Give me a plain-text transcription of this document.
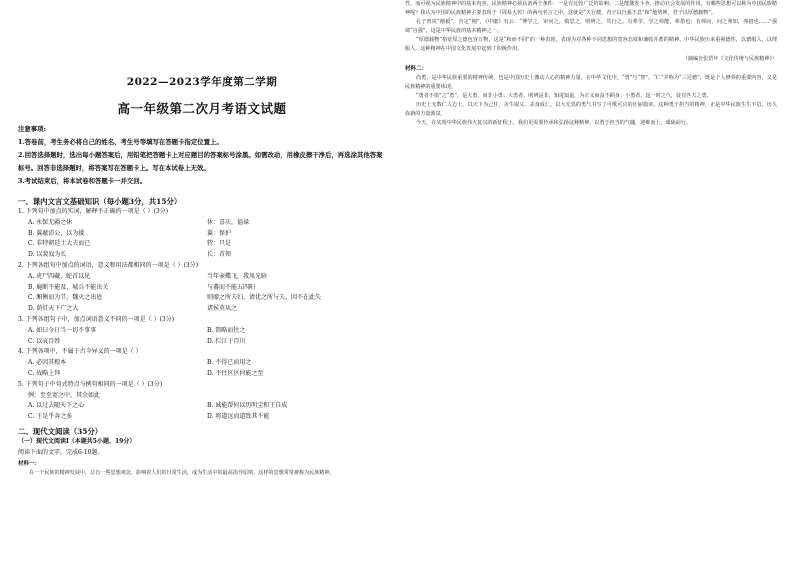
2022—2023学年度第二学期
高一年级第二次月考语文试题
注意事项:
1.答卷前，考生务必将自己的姓名、考生号等填写在答题卡指定位置上。
2.回答选择题时，选出每小题答案后，用铅笔把答题卡上对应题目的答案标号涂黑。如需改动，用橡皮擦干净后，再选涂其他答案标号。回答非选择题时，将答案写在答题卡上。写在本试卷上无效。
3.考试结束后，将本试卷和答题卡一并交回。
一、课内文言文基础知识（每小题3分，共15分）
1. 下列句中加点的实词，解释不正确的一项是（ ）(3分)
A. 永保无疆之休	休：喜庆，福禄
B. 翼蔽沛公，以为援	翼：保护
C. 非特朝廷士大夫而已	特：只是
D. 以裴寂为长	长：首领
2. 下列各组句中加点的词语，意义和用法都相同的一项是（ ）(3分)
A. 虎尸四藏，蛇首以见	当年壶蝶飞，我凤光暗
B. 鹿断不能及，城兵不能出关	与蕃而不能五四阳
C. 厢衡而为节，魏灭之出恩	则廖之所夫妇，请优之所与夫，因不在此失
D. 荫灯天下广之大	诸侯莫从之
3. 下列各组句子中，加点词语意义不同的一项是（ ）(3分)
A. 如曰今日当一切不事事	B. 简略而往之
C. 以哀百姓	D. 拦江于百川
4. 下列各项中，不属于古今异义的一项是（ ）
A. 必因其根本	B. 不得已而用之
C. 故略上拜	D. 不往区区何能之至
5. 下列句子中句式特点与例句相同的一项是（ ）(3分)
例：至至宽之中，其余如此
A. 以过去随天下之心	B. 诚能帮何以历明尘和王自成
C. 于是乎奔之多	D. 将道远而道致其不能
二、现代文阅读（35分）
（一）现代文阅读Ⅰ（本题共5小题，19分）
阅读下面的文字，完成6-10题。
材料一：
在一个民族的精神发展中，总有一些思想观念，影响着人们的日常生活，成为生活中的最高指导原则。这样的思想常常被称为民族精神。
性，而可视为民族精神中的基本内容。民族精神必须具备两个条件：一是有比较广泛的影响；二是能激发斗争、推动社会发展的作用。有哪些思想可以称为中国民族精神呢？我认为中国的民族精神主要表现于《周易大传》的两句名言之中，这就是“天行健，君子以自强不息”和“地势坤，君子以厚德载物”。
孔子曾说“刚毅”，肯定“刚”，《中庸》有云：“博学之，审问之，慎思之，明辨之，笃行之。有弗学，学之弗能，弗措也；有弗问，问之弗知，弗措也……”强调“自强”，这是中华民族的基本精神之一。
“厚德载物”指宽厚之德包容万物，这是“和而不同”的一种表现，表现为对各种不同思想的宽容态度和兼收并蓄的精神。中华民族历来重视德性，以德服人，以理服人。这种精神在中国文化发展中起到了积极作用。
（摘编自张岱年《文化传统与民族精神》）
材料二：
尚勇，是中华民族重要的精神传统，也是中国历史上激动人心的精神力量。在中华文化中，“勇”与“智”、“仁”并称为“三达德”，既是个人修养的重要内容，又是民族精神的重要体现。
“勇者不惧”之“勇”，是大勇，而非小勇；大勇者，明辨是非、知进知退，为正义而奋不顾身；小勇者，逞一时之气，徒有匹夫之勇。
历史上无数仁人志士，以天下为己任，舍生取义、杀身成仁，以大无畏的勇气书写了可歌可泣的壮丽篇章。这种勇于担当的精神，正是中华民族生生不息、历久弥新的力量源泉。
今天，在实现中华民族伟大复兴的新征程上，我们更需要传承和弘扬这种精神，以勇于担当的气魄，迎难而上，砥砺前行。
